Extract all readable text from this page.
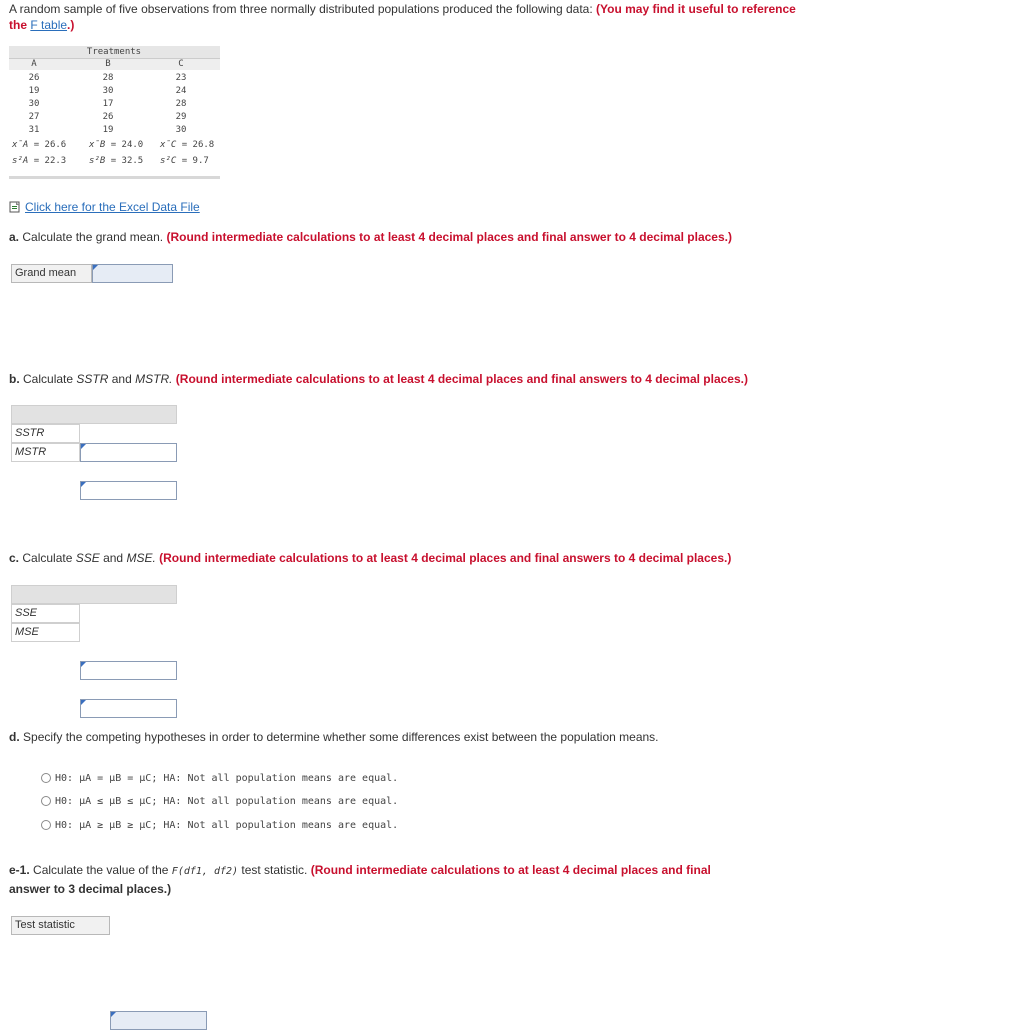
A random sample of five observations from three normally distributed populations produced the following data: (You may find it useful to reference the F table.)
Treatments
A	B	C
26	28	23
19	30	24
30	17	28
27	26	29
31	19	30
x̄A = 26.6	x̄B = 24.0 x̄C = 26.8
s²A = 22.3	s²B = 32.5 s²C = 9.7
Click here for the Excel Data File
a. Calculate the grand mean. (Round intermediate calculations to at least 4 decimal places and final answer to 4 decimal places.)
Grand mean
b. Calculate SSTR and MSTR. (Round intermediate calculations to at least 4 decimal places and final answers to 4 decimal places.)
SSTR
MSTR
c. Calculate SSE and MSE. (Round intermediate calculations to at least 4 decimal places and final answers to 4 decimal places.)
SSE
MSE
d. Specify the competing hypotheses in order to determine whether some differences exist between the population means.
H0: μA = μB = μC; HA: Not all population means are equal.
H0: μA ≤ μB ≤ μC; HA: Not all population means are equal.
H0: μA ≥ μB ≥ μC; HA: Not all population means are equal.
e-1. Calculate the value of the F(df1, df2) test statistic. (Round intermediate calculations to at least 4 decimal places and final
answer to 3 decimal places.)
Test statistic
